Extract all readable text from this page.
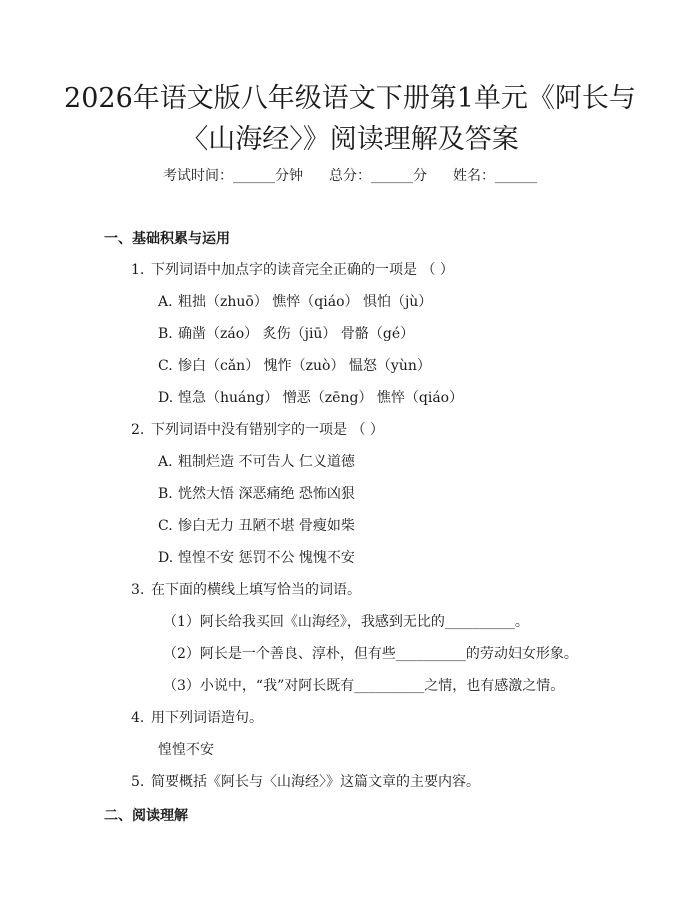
2026年语文版八年级语文下册第1单元《阿长与〈山海经〉》阅读理解及答案
考试时间：______分钟 总分：______分 姓名：______
一、基础积累与运用
1. 下列词语中加点字的读音完全正确的一项是 （ ）
A. 粗拙（zhuō） 憔悴（qiáo） 惧怕（jù）
B. 确凿（záo） 炙伤（jiū） 骨骼（gé）
C. 惨白（cǎn） 愧怍（zuò） 愠怒（yùn）
D. 惶急（huáng） 憎恶（zēng） 憔悴（qiáo）
2. 下列词语中没有错别字的一项是 （ ）
A. 粗制烂造 不可告人 仁义道德
B. 恍然大悟 深恶痛绝 恐怖凶狠
C. 惨白无力 丑陋不堪 骨瘦如柴
D. 惶惶不安 惩罚不公 愧愧不安
3. 在下面的横线上填写恰当的词语。
（1）阿长给我买回《山海经》，我感到无比的__________。
（2）阿长是一个善良、淳朴，但有些__________的劳动妇女形象。
（3）小说中，“我”对阿长既有__________之情，也有感激之情。
4. 用下列词语造句。
惶惶不安
5. 简要概括《阿长与〈山海经〉》这篇文章的主要内容。
二、阅读理解
